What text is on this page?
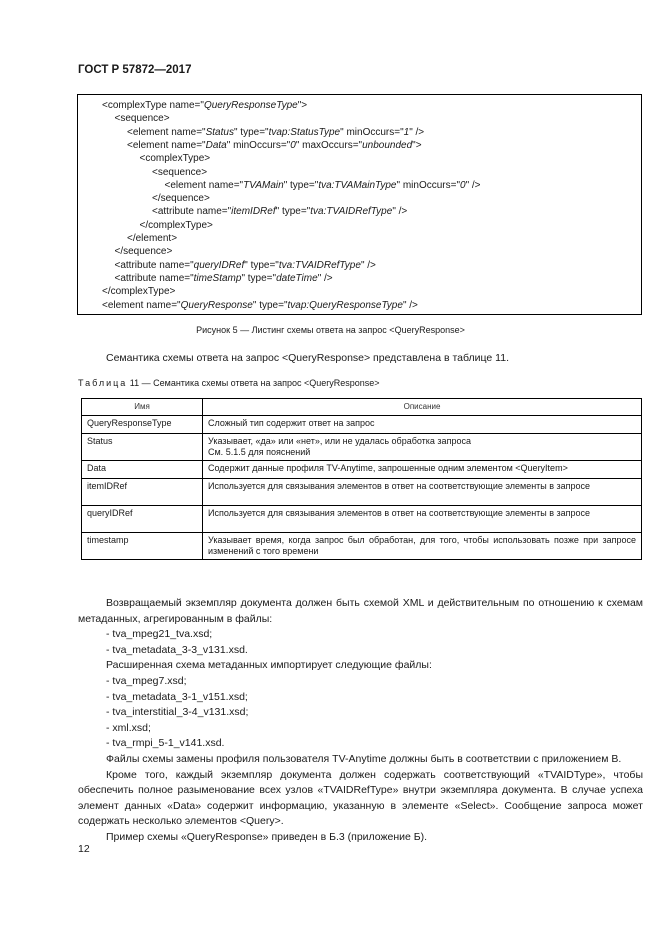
ГОСТ Р 57872—2017
<complexType name="QueryResponseType">
<sequence>
<element name="Status" type="tvap:StatusType" minOccurs="1" />
<element name="Data" minOccurs="0" maxOccurs="unbounded">
<complexType>
<sequence>
<element name="TVAMain" type="tva:TVAMainType" minOccurs="0" />
</sequence>
<attribute name="itemIDRef" type="tva:TVAIDRefType" />
</complexType>
</element>
</sequence>
<attribute name="queryIDRef" type="tva:TVAIDRefType" />
<attribute name="timeStamp" type="dateTime" />
</complexType>
<element name="QueryResponse" type="tvap:QueryResponseType" />
Рисунок 5 — Листинг схемы ответа на запрос <QueryResponse>
Семантика схемы ответа на запрос <QueryResponse> представлена в таблице 11.
Таблица 11 — Семантика схемы ответа на запрос <QueryResponse>
Имя	Описание
QueryResponseType	Сложный тип содержит ответ на запрос
Status	Указывает, «да» или «нет», или не удалась обработка запроса
См. 5.1.5 для пояснений
Data	Содержит данные профиля TV-Anytime, запрошенные одним элементом <QueryItem>
itemIDRef	Используется для связывания элементов в ответ на соответствующие элементы в запросе
queryIDRef	Используется для связывания элементов в ответ на соответствующие элементы в запросе
timestamp	Указывает время, когда запрос был обработан, для того, чтобы использовать позже при запросе изменений с того времени
Возвращаемый экземпляр документа должен быть схемой XML и действительным по отношению к схемам метаданных, агрегированным в файлы:
- tva_mpeg21_tva.xsd;
- tva_metadata_3-3_v131.xsd.
Расширенная схема метаданных импортирует следующие файлы:
- tva_mpeg7.xsd;
- tva_metadata_3-1_v151.xsd;
- tva_interstitial_3-4_v131.xsd;
- xml.xsd;
- tva_rmpi_5-1_v141.xsd.
Файлы схемы замены профиля пользователя TV-Anytime должны быть в соответствии с приложением В.
Кроме того, каждый экземпляр документа должен содержать соответствующий «TVAIDType», чтобы обеспечить полное разыменование всех узлов «TVAIDRefType» внутри экземпляра документа. В случае успеха элемент данных «Data» содержит информацию, указанную в элементе «Select». Сообщение запроса может содержать несколько элементов <Query>.
Пример схемы «QueryResponse» приведен в Б.3 (приложение Б).
12
